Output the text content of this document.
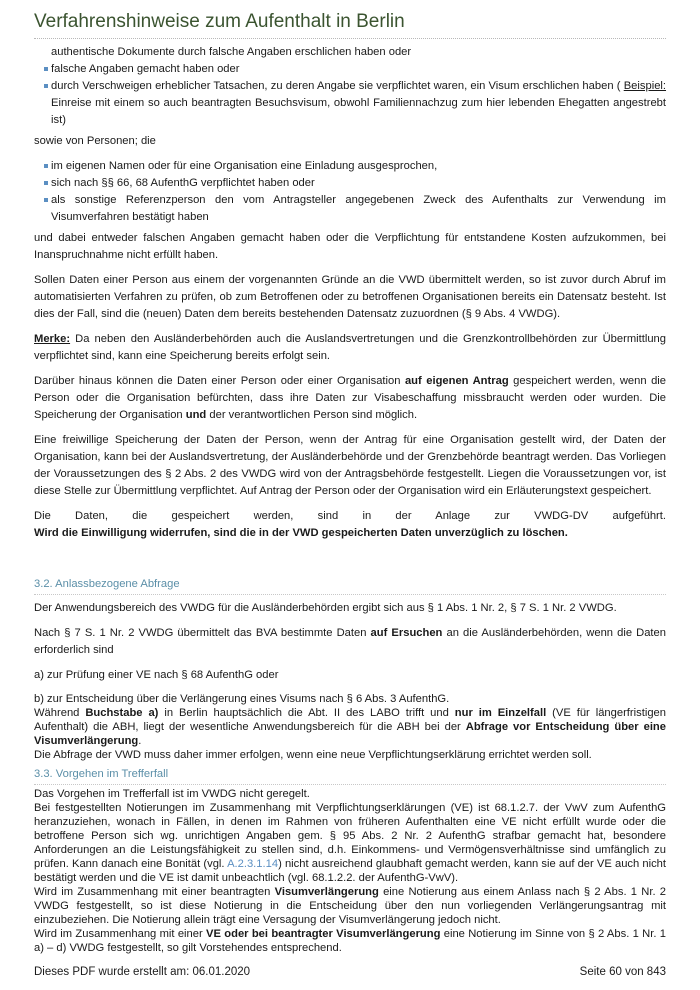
Verfahrenshinweise zum Aufenthalt in Berlin
authentische Dokumente durch falsche Angaben erschlichen haben oder
falsche Angaben gemacht haben oder
durch Verschweigen erheblicher Tatsachen, zu deren Angabe sie verpflichtet waren, ein Visum erschlichen haben ( Beispiel: Einreise mit einem so auch beantragten Besuchsvisum, obwohl Familiennachzug zum hier lebenden Ehegatten angestrebt ist)

sowie von Personen; die

im eigenen Namen oder für eine Organisation eine Einladung ausgesprochen,
sich nach §§ 66, 68 AufenthG verpflichtet haben oder
als sonstige Referenzperson den vom Antragsteller angegebenen Zweck des Aufenthalts zur Verwendung im Visumverfahren bestätigt haben

und dabei entweder falschen Angaben gemacht haben oder die Verpflichtung für entstandene Kosten aufzukommen, bei Inanspruchnahme nicht erfüllt haben.

Sollen Daten einer Person aus einem der vorgenannten Gründe an die VWD übermittelt werden, so ist zuvor durch Abruf im automatisierten Verfahren zu prüfen, ob zum Betroffenen oder zu betroffenen Organisationen bereits ein Datensatz besteht. Ist dies der Fall, sind die (neuen) Daten dem bereits bestehenden Datensatz zuzuordnen (§ 9 Abs. 4 VWDG).

Merke: Da neben den Ausländerbehörden auch die Auslandsvertretungen und die Grenzkontrollbehörden zur Übermittlung verpflichtet sind, kann eine Speicherung bereits erfolgt sein.

Darüber hinaus können die Daten einer Person oder einer Organisation auf eigenen Antrag gespeichert werden, wenn die Person oder die Organisation befürchten, dass ihre Daten zur Visabeschaffung missbraucht werden oder wurden. Die Speicherung der Organisation und der verantwortlichen Person sind möglich.

Eine freiwillige Speicherung der Daten der Person, wenn der Antrag für eine Organisation gestellt wird, der Daten der Organisation, kann bei der Auslandsvertretung, der Ausländerbehörde und der Grenzbehörde beantragt werden. Das Vorliegen der Voraussetzungen des § 2 Abs. 2 des VWDG wird von der Antragsbehörde festgestellt. Liegen die Voraussetzungen vor, ist diese Stelle zur Übermittlung verpflichtet. Auf Antrag der Person oder der Organisation wird ein Erläuterungstext gespeichert.

Die Daten, die gespeichert werden, sind in der Anlage zur VWDG-DV aufgeführt.

Wird die Einwilligung widerrufen, sind die in der VWD gespeicherten Daten unverzüglich zu löschen.

3.2. Anlassbezogene Abfrage

Der Anwendungsbereich des VWDG für die Ausländerbehörden ergibt sich aus § 1 Abs. 1 Nr. 2, § 7 S. 1 Nr. 2 VWDG.

Nach § 7 S. 1 Nr. 2 VWDG übermittelt das BVA bestimmte Daten auf Ersuchen an die Ausländerbehörden, wenn die Daten erforderlich sind

a) zur Prüfung einer VE nach § 68 AufenthG oder

b) zur Entscheidung über die Verlängerung eines Visums nach § 6 Abs. 3 AufenthG.

Während Buchstabe a) in Berlin hauptsächlich die Abt. II des LABO trifft und nur im Einzelfall (VE für längerfristigen Aufenthalt) die ABH, liegt der wesentliche Anwendungsbereich für die ABH bei der Abfrage vor Entscheidung über eine Visumverlängerung.

Die Abfrage der VWD muss daher immer erfolgen, wenn eine neue Verpflichtungserklärung errichtet werden soll.

3.3. Vorgehen im Trefferfall

Das Vorgehen im Trefferfall ist im VWDG nicht geregelt.

Bei festgestellten Notierungen im Zusammenhang mit Verpflichtungserklärungen (VE) ist 68.1.2.7. der VwV zum AufenthG heranzuziehen, wonach in Fällen, in denen im Rahmen von früheren Aufenthalten eine VE nicht erfüllt wurde oder die betroffene Person sich wg. unrichtigen Angaben gem. § 95 Abs. 2 Nr. 2 AufenthG strafbar gemacht hat, besondere Anforderungen an die Leistungsfähigkeit zu stellen sind, d.h. Einkommens- und Vermögensverhältnisse sind umfänglich zu prüfen. Kann danach eine Bonität (vgl. A.2.3.1.14) nicht ausreichend glaubhaft gemacht werden, kann sie auf der VE auch nicht bestätigt werden und die VE ist damit unbeachtlich (vgl. 68.1.2.2. der AufenthG-VwV).

Wird im Zusammenhang mit einer beantragten Visumverlängerung eine Notierung aus einem Anlass nach § 2 Abs. 1 Nr. 2 VWDG festgestellt, so ist diese Notierung in die Entscheidung über den nun vorliegenden Verlängerungsantrag mit einzubeziehen. Die Notierung allein trägt eine Versagung der Visumverlängerung jedoch nicht.

Wird im Zusammenhang mit einer VE oder bei beantragter Visumverlängerung eine Notierung im Sinne von § 2 Abs. 1 Nr. 1 a) – d) VWDG festgestellt, so gilt Vorstehendes entsprechend.

Dieses PDF wurde erstellt am: 06.01.2020	Seite 60 von 843
